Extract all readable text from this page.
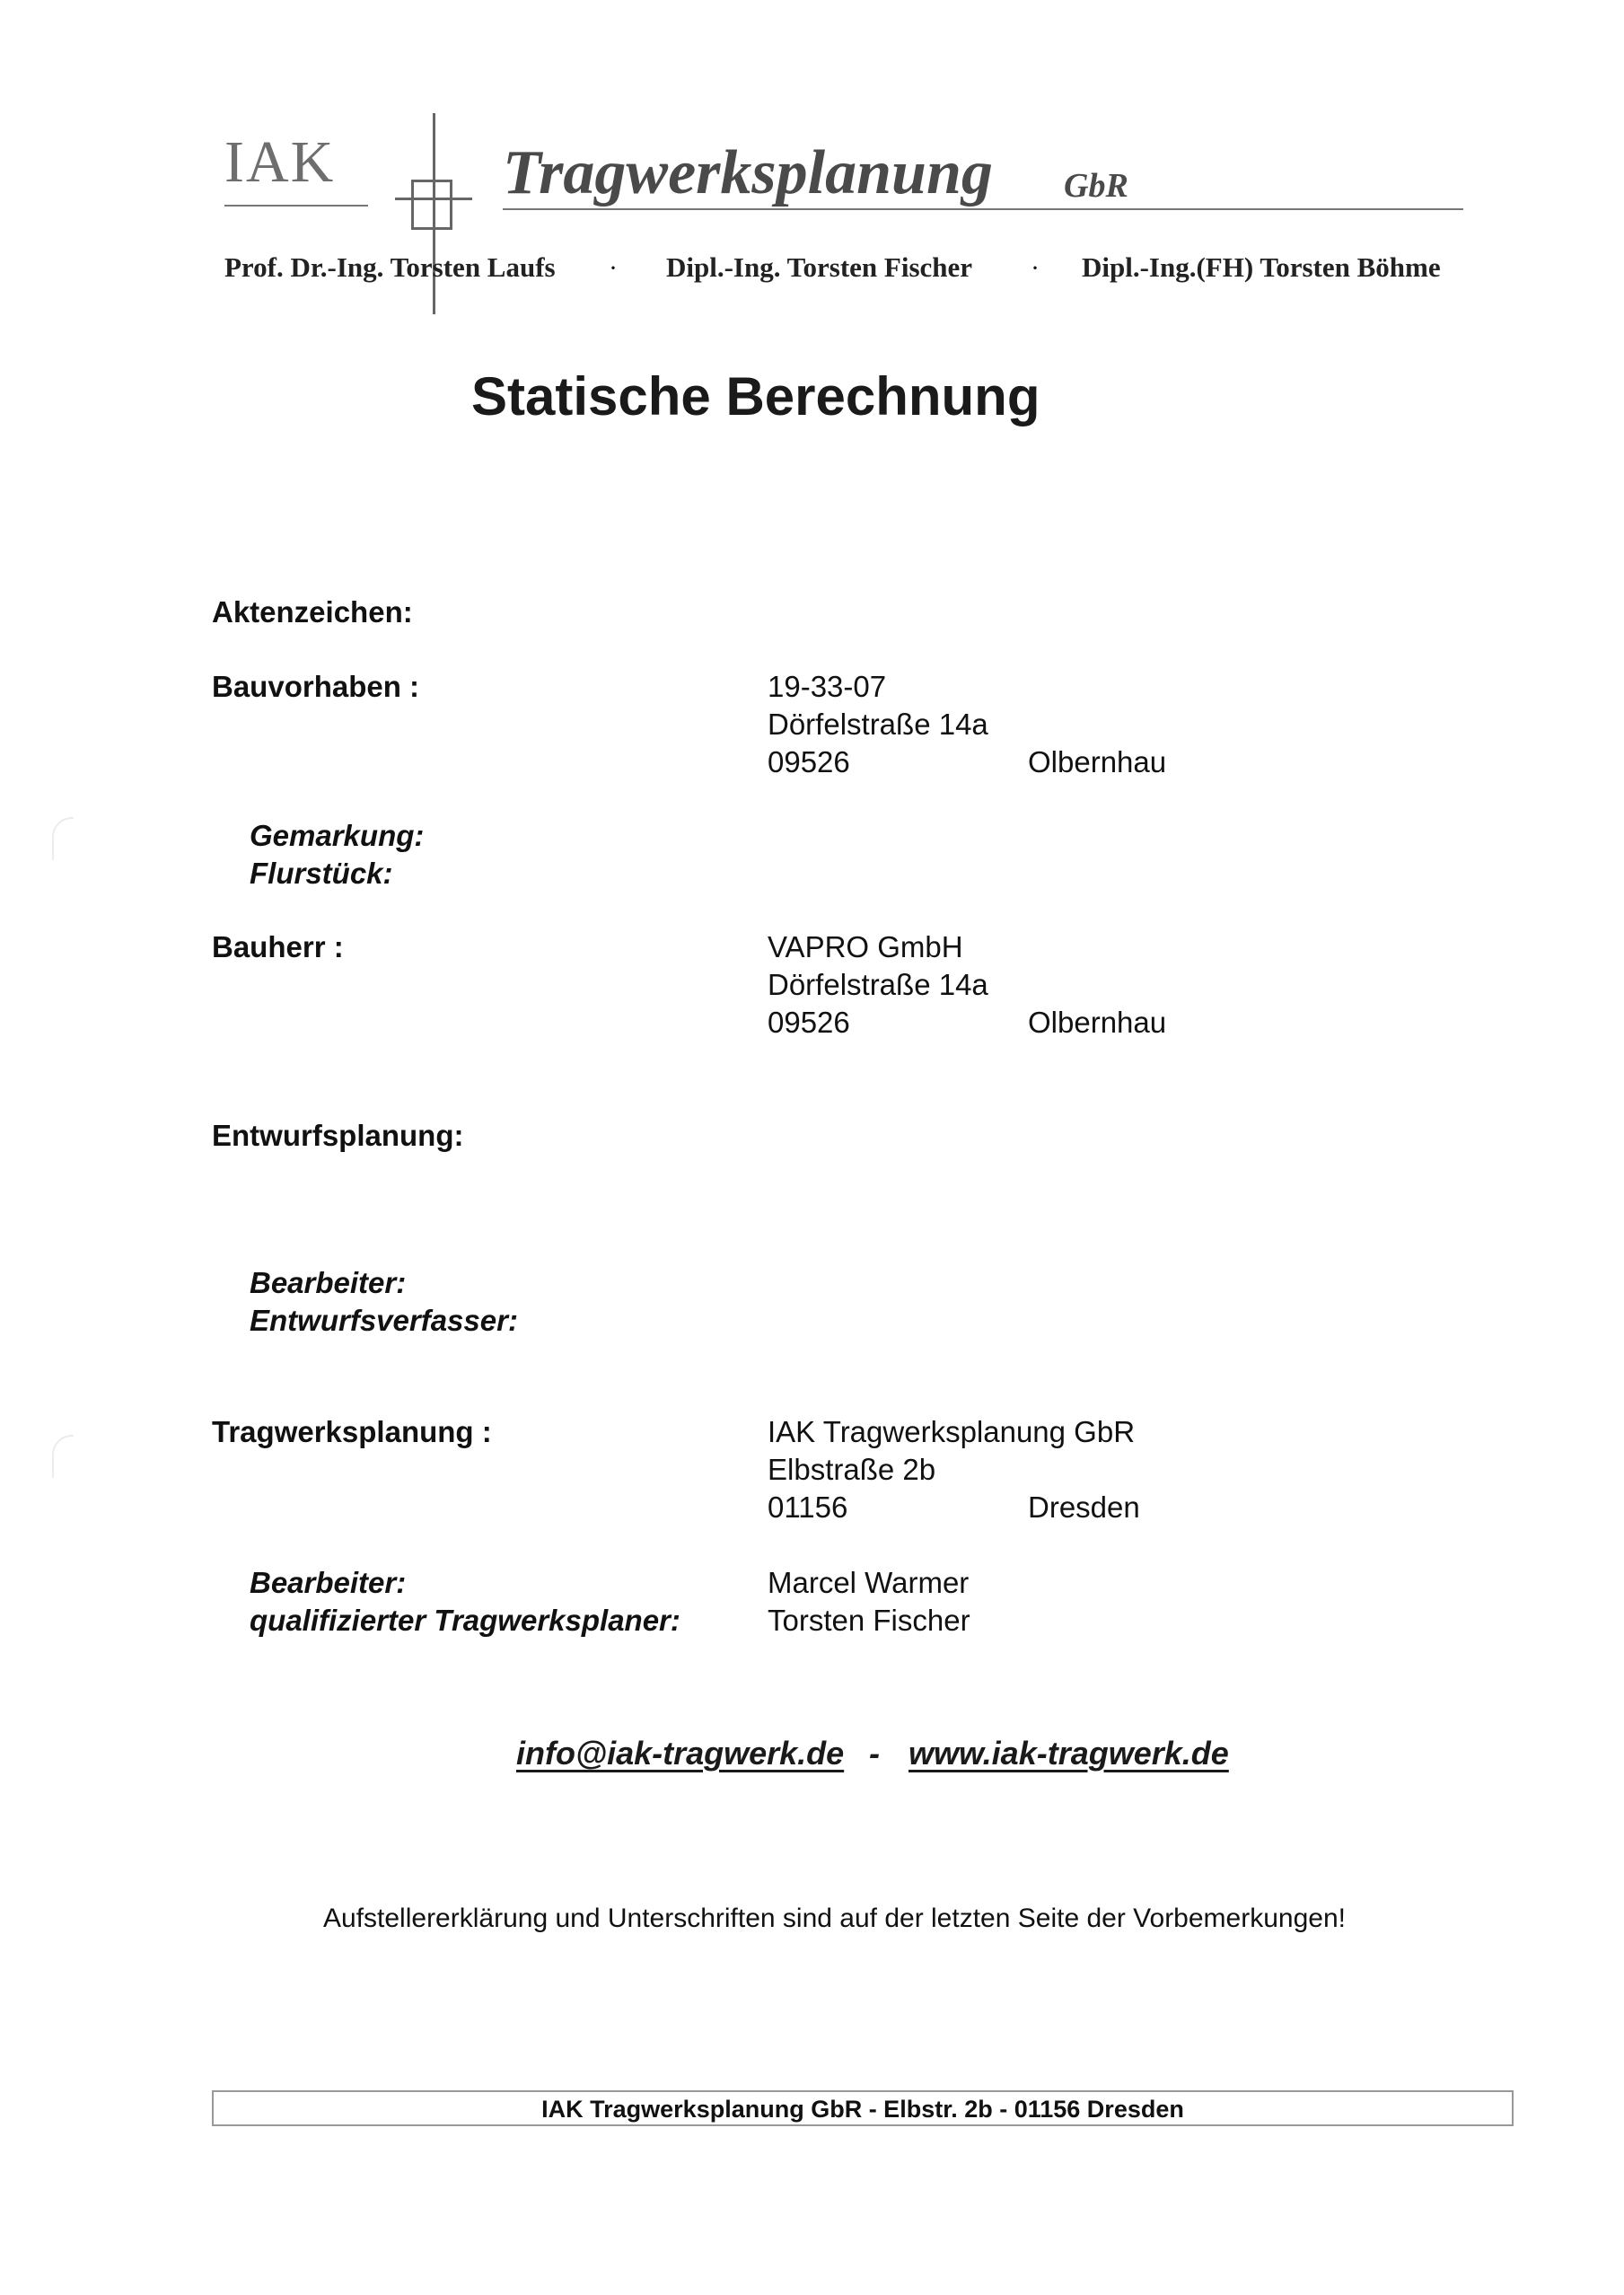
IAK	Tragwerksplanung GbR
Prof. Dr.-Ing. Torsten Laufs · Dipl.-Ing. Torsten Fischer · Dipl.-Ing.(FH) Torsten Böhme
Statische Berechnung
Aktenzeichen:
Bauvorhaben :	19-33-07
Dörfelstraße 14a
09526	Olbernhau
Gemarkung:
Flurstück:
Bauherr :	VAPRO GmbH
Dörfelstraße 14a
09526	Olbernhau
Entwurfsplanung:
Bearbeiter:
Entwurfsverfasser:
Tragwerksplanung :	IAK Tragwerksplanung GbR
Elbstraße 2b
01156	Dresden
Bearbeiter:	Marcel Warmer
qualifizierter Tragwerksplaner:	Torsten Fischer
info@iak-tragwerk.de - www.iak-tragwerk.de
Aufstellererklärung und Unterschriften sind auf der letzten Seite der Vorbemerkungen!
IAK Tragwerksplanung GbR - Elbstr. 2b - 01156 Dresden
